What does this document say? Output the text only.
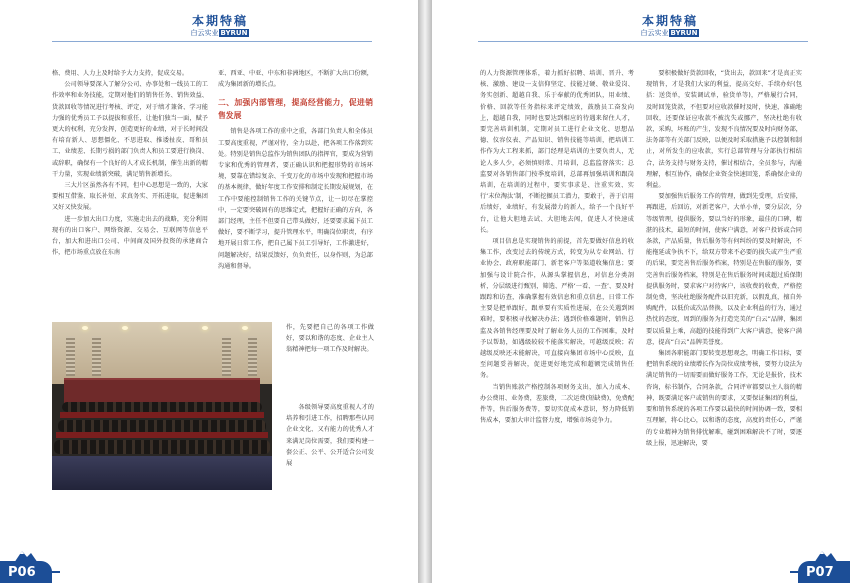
本期特稿
白云实业 BYRUN

格、费用、人力上及时给予大力支持，促成交易。

公司领导要深入了解分公司、办事处和一线员工的工作效率和业务技能，定期对他们的销售任务、销售效益、货款回收等情况进行考核、评定，对于绩才兼备、学习能力强的优秀员工予以提拔和重任，让他们独当一面，赋予更大的权利，充分发挥，创造更好的业绩，对于长时间没有培育新人、思想僵化、不思进取、推诿扯皮、哥和员工、业绩差、长期亏损的部门负责人和员工要进行换岗、或辞职，确保有一个良好的人才成长机制，催生出新的精干力量，实现业绩新突破，满足销售新增长。

三大片区虽然各有不同，但中心思想是一致的，大家要相互借鉴、取长补短、求真务实、开拓进取，促进集团又好又快发展。

进一步加大出口力度，实施走出去的战略，充分利用现有的出口客户、网络资源、交易会、互联网等信息平台，加大和进出口公司、中间商及国外投资的承建商合作，把市场重点放在东南

亚、西亚、中亚、中东和非洲地区，不断扩大出口份额，成为集团新的增长点。

二、加强内部管理，提高经营能力，促进销售发展

销售是各项工作的重中之重，各部门负责人和全体员工要高度重视，严谨对待，全力以赴，把各项工作落到实处。特别是销售总监作为销售团队的指挥官，要成为营销专家和优秀的管理者，要正确认识和把握形势的市场环境，要靠在错综复杂、千变万化的市场中发现和把握市场的基本规律，做好年度工作安排和制定长期发展规划，在工作中要能控制销售工作的关键节点，让一切尽在掌控中，一定要突破固有的思维定式，把握好正确的方向，各部门经理，主任不但要自己带头做好，还要要求属下员工做好，要不断学习，提升管理水平，明确岗位职责，有序地开展日常工作，把自己属下员工引导好，工作激进好，问题解决好，结果反馈好，负负责任，以身作则，为总部沟通和督导。

作，先要把自己的各项工作做好，要以和谐的态度、企业主人翁精神把每一项工作及时解决。

各级领导要高度重视人才的培养和引进工作，招聘那些认同企业文化、又有能力的优秀人才来满足岗位需要，我们要构建一套公正、公平、公开适合公司发展

P06
本期特稿
白云实业 BYRUN

的人力资源管理体系，着力抓好招聘、培训、晋升、考核、激励、建设一支信仰坚定、技能过硬、敬业爱岗、务实创新、超越自我、乐于奉献的优秀团队，用业绩、价格、回款等任务指标来评定绩效，鼓励员工奋发向上，超越自我，同时也要达到相应的待遇来留住人才，要完善培训机制，定期对员工进行企业文化、思想品德、仪容仪表、产品知识、销售技能等培训，把培训工作作为大工程来抓，部门经理是培训的主要负责人，无论人多人少，必须慎则常、月培训，总监监督落实；总监要对各销售部门按季度培训，总部再加强培训和跟岗培训，在培训的过程中，要实事求是、注重实效、实行‘末位淘汰’制，不断挖掘员工潜力，要敢于，善于启用后绩好，业绩好，有发展潜力的新人，给予一个良好平台，让他大胆地去试、大胆地去闯，促进人才快速成长。

项目信息是实现销售的前提，首先要做好信息的收集工作，改变过去的传统方式，转变为从专业网站、行业协会、政府职能部门、新老客户等渠道收集信息；要加强与设计院合作，从源头掌握信息，对信息分类剖析，分层级进行甄别，筛选、严格‘一看、一查’、要及时跟踪和访查，准确掌握有效信息和重点信息，日常工作主要是把单跟好，跟单要有实质性进展，在公关遇到困难时，要积极寻找解决办法；遇到价格难题时，销售总监及各销售经理要及时了解业务人员的工作困难，及时予以帮助，如遇级较较不能落实解决，可越级反映；若越级反映还未能解决，可直接向集团市场中心反映，直至问题妥善解决，促进更好地完成和超额完成销售任务。

当销售账款产格控制各项财务支出，加入力成本、办公费用、业务费，差旅费，二次运费(短缺费)，免费配件等，售后服务费等，要切实促成本意识，努力降低销售成本，要加大审计监督力度，增强市场竞争力。

要积极做好货款回收，“货出去，款回来”才是真正实现销售，才是我们大家的利益，提高交好、手续办好(包括：送货单，安装调试单，验货单等)，严格履行合同，及时回笼货款，不但要对应收款催时及时，快速，准确地回收，还要保证应收款不被沈失或挪产，坚决杜绝有收款，采购，坏账的产生，发现不良情况要及时向财务部，法务部等有关部门反映，以便及时采取措施予以控制和制止，对所发生的应收款，实行总部管理与分部执行相结合，法务支持与财务支持，催讨相结合，全员参与，沟通理解，相互协作，确保企业资金快速回笼，系确保企业的利益。

要加强售后服务工作的管理，做到先受理，后安排，再跟进，后回访，对新老客户，大单小单，要分层次，分等级管理，提供服务，要以当好的形象，最佳的口碑，精湛的技术，最短的时间，使客户满意，对客户投诉或合同条款，产品质量，售后服务等有何纠纷的要及时解决，不能拖延或争执不下，给双方带来不必要的损失或产生严重的后果，要完善售后服务档案，特别是在售服的服务，要完善售后服务档案，特别是在售后服务时间成超过质保期提供服务时，要求客户对待客户，该收费的收费，严格控制免费，坚决杜绝服务配件以旧充新，以假乱真，擅自外购配件，以低价或次品替换，以及企业利益的行为，通过热忱的态度，周到的服务为打造完美的“白云”品牌，集团要以质量上乘，高超的技能得到广大客户满意，使客户满意，提高“白云”品牌美誉度。

集团各职能部门要转变思想观念，明确工作目标，要把销售系统的业绩增长作为岗位成绩考核，要努力设法为满足销售的一切需要而做好服务工作，无论是报价，技术咨询，标书制作，合同条款，合同评审都要以主人翁的精神，既要满足客户或销售的要求，又要保证集团的利益，要和销售系统的各项工作要以最快的时间协调一致，要相互理解，将心比心，以和谐的态度，高度的责任心，严谨的专业精神为销售排忧解难，碰到困难解决不了时，要逐级上报，迅速解决，要

P07
